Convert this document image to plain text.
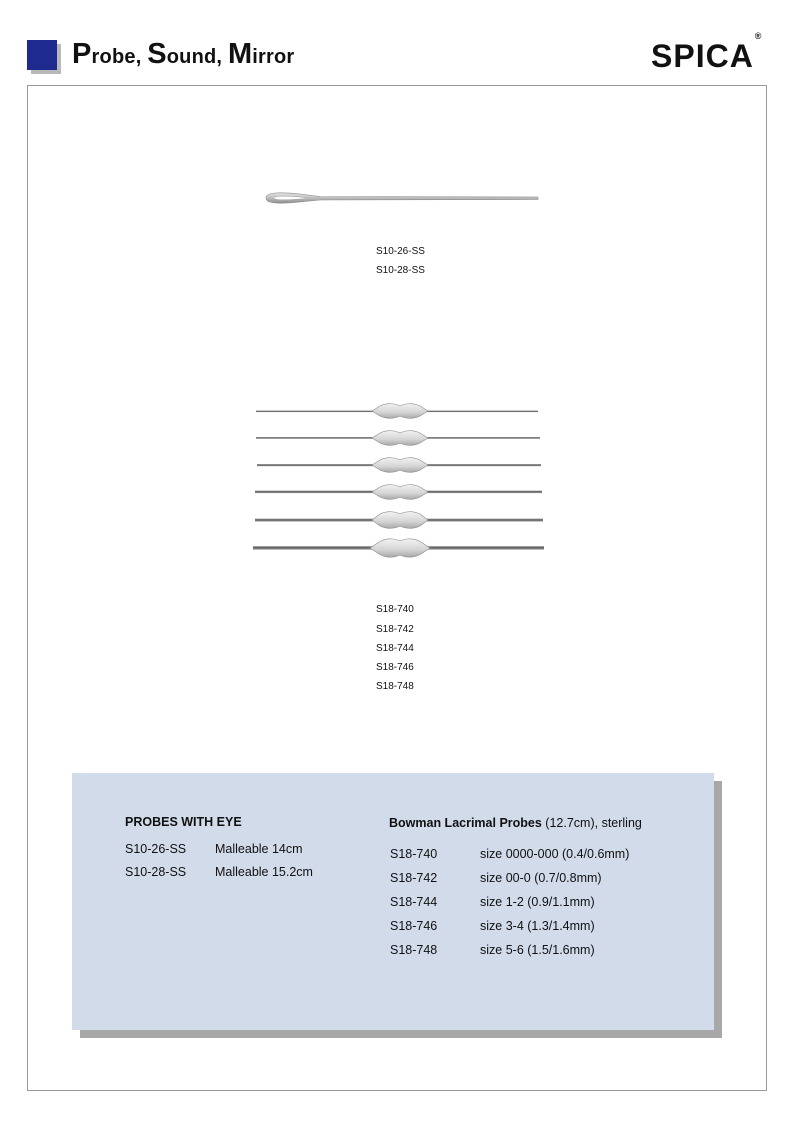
Probe, Sound, Mirror	SPICA®
S10-26-SS
S10-28-SS
S18-740
S18-742
S18-744
S18-746
S18-748
PROBES WITH EYE
S10-26-SS Malleable 14cm
S10-28-SS Malleable 15.2cm
Bowman Lacrimal Probes (12.7cm), sterling
S18-740	size 0000-000 (0.4/0.6mm)
S18-742	size 00-0 (0.7/0.8mm)
S18-744	size 1-2 (0.9/1.1mm)
S18-746	size 3-4 (1.3/1.4mm)
S18-748	size 5-6 (1.5/1.6mm)
